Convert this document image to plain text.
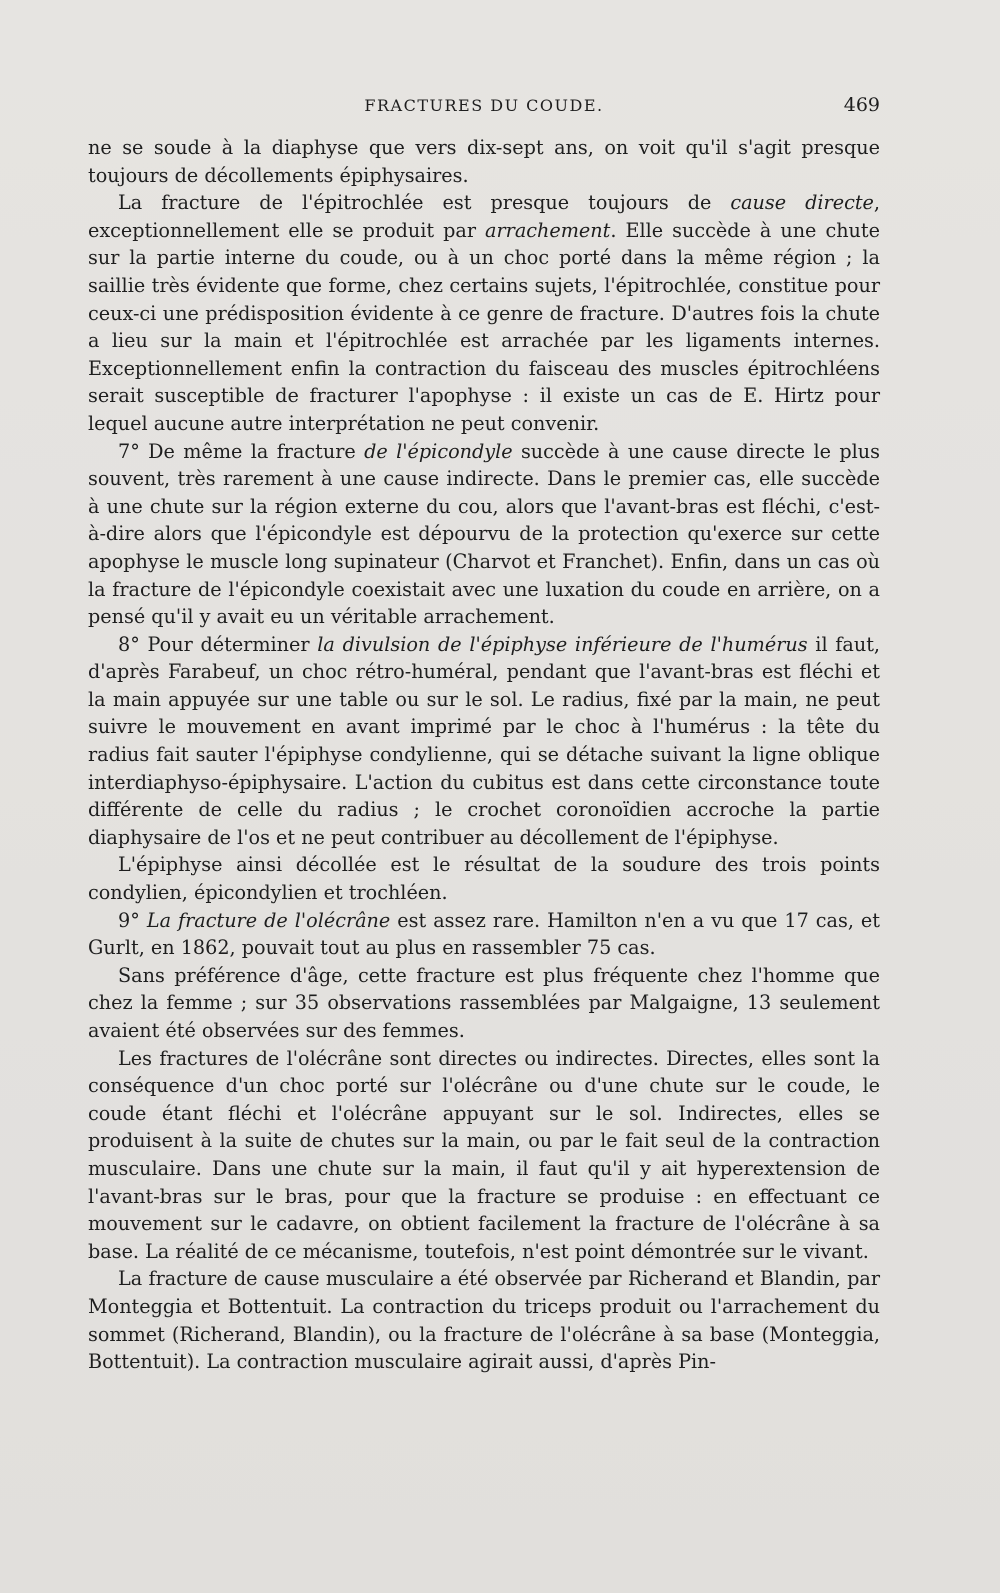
FRACTURES DU COUDE.	469

ne se soude à la diaphyse que vers dix-sept ans, on voit qu'il s'agit presque toujours de décollements épiphysaires.

La fracture de l'épitrochlée est presque toujours de cause directe, exceptionnellement elle se produit par arrachement. Elle succède à une chute sur la partie interne du coude, ou à un choc porté dans la même région ; la saillie très évidente que forme, chez certains sujets, l'épitrochlée, constitue pour ceux-ci une prédisposition évidente à ce genre de fracture. D'autres fois la chute a lieu sur la main et l'épitrochlée est arrachée par les ligaments internes. Exceptionnellement enfin la contraction du faisceau des muscles épitrochléens serait susceptible de fracturer l'apophyse : il existe un cas de E. Hirtz pour lequel aucune autre interprétation ne peut convenir.

7° De même la fracture de l'épicondyle succède à une cause directe le plus souvent, très rarement à une cause indirecte. Dans le premier cas, elle succède à une chute sur la région externe du cou, alors que l'avant-bras est fléchi, c'est-à-dire alors que l'épicondyle est dépourvu de la protection qu'exerce sur cette apophyse le muscle long supinateur (Charvot et Franchet). Enfin, dans un cas où la fracture de l'épicondyle coexistait avec une luxation du coude en arrière, on a pensé qu'il y avait eu un véritable arrachement.

8° Pour déterminer la divulsion de l'épiphyse inférieure de l'humérus il faut, d'après Farabeuf, un choc rétro-huméral, pendant que l'avant-bras est fléchi et la main appuyée sur une table ou sur le sol. Le radius, fixé par la main, ne peut suivre le mouvement en avant imprimé par le choc à l'humérus : la tête du radius fait sauter l'épiphyse condylienne, qui se détache suivant la ligne oblique interdiaphyso-épiphysaire. L'action du cubitus est dans cette circonstance toute différente de celle du radius ; le crochet coronoïdien accroche la partie diaphysaire de l'os et ne peut contribuer au décollement de l'épiphyse.

L'épiphyse ainsi décollée est le résultat de la soudure des trois points condylien, épicondylien et trochléen.

9° La fracture de l'olécrâne est assez rare. Hamilton n'en a vu que 17 cas, et Gurlt, en 1862, pouvait tout au plus en rassembler 75 cas.

Sans préférence d'âge, cette fracture est plus fréquente chez l'homme que chez la femme ; sur 35 observations rassemblées par Malgaigne, 13 seulement avaient été observées sur des femmes.

Les fractures de l'olécrâne sont directes ou indirectes. Directes, elles sont la conséquence d'un choc porté sur l'olécrâne ou d'une chute sur le coude, le coude étant fléchi et l'olécrâne appuyant sur le sol. Indirectes, elles se produisent à la suite de chutes sur la main, ou par le fait seul de la contraction musculaire. Dans une chute sur la main, il faut qu'il y ait hyperextension de l'avant-bras sur le bras, pour que la fracture se produise : en effectuant ce mouvement sur le cadavre, on obtient facilement la fracture de l'olécrâne à sa base. La réalité de ce mécanisme, toutefois, n'est point démontrée sur le vivant.

La fracture de cause musculaire a été observée par Richerand et Blandin, par Monteggia et Bottentuit. La contraction du triceps produit ou l'arrachement du sommet (Richerand, Blandin), ou la fracture de l'olécrâne à sa base (Monteggia, Bottentuit). La contraction musculaire agirait aussi, d'après Pin-
